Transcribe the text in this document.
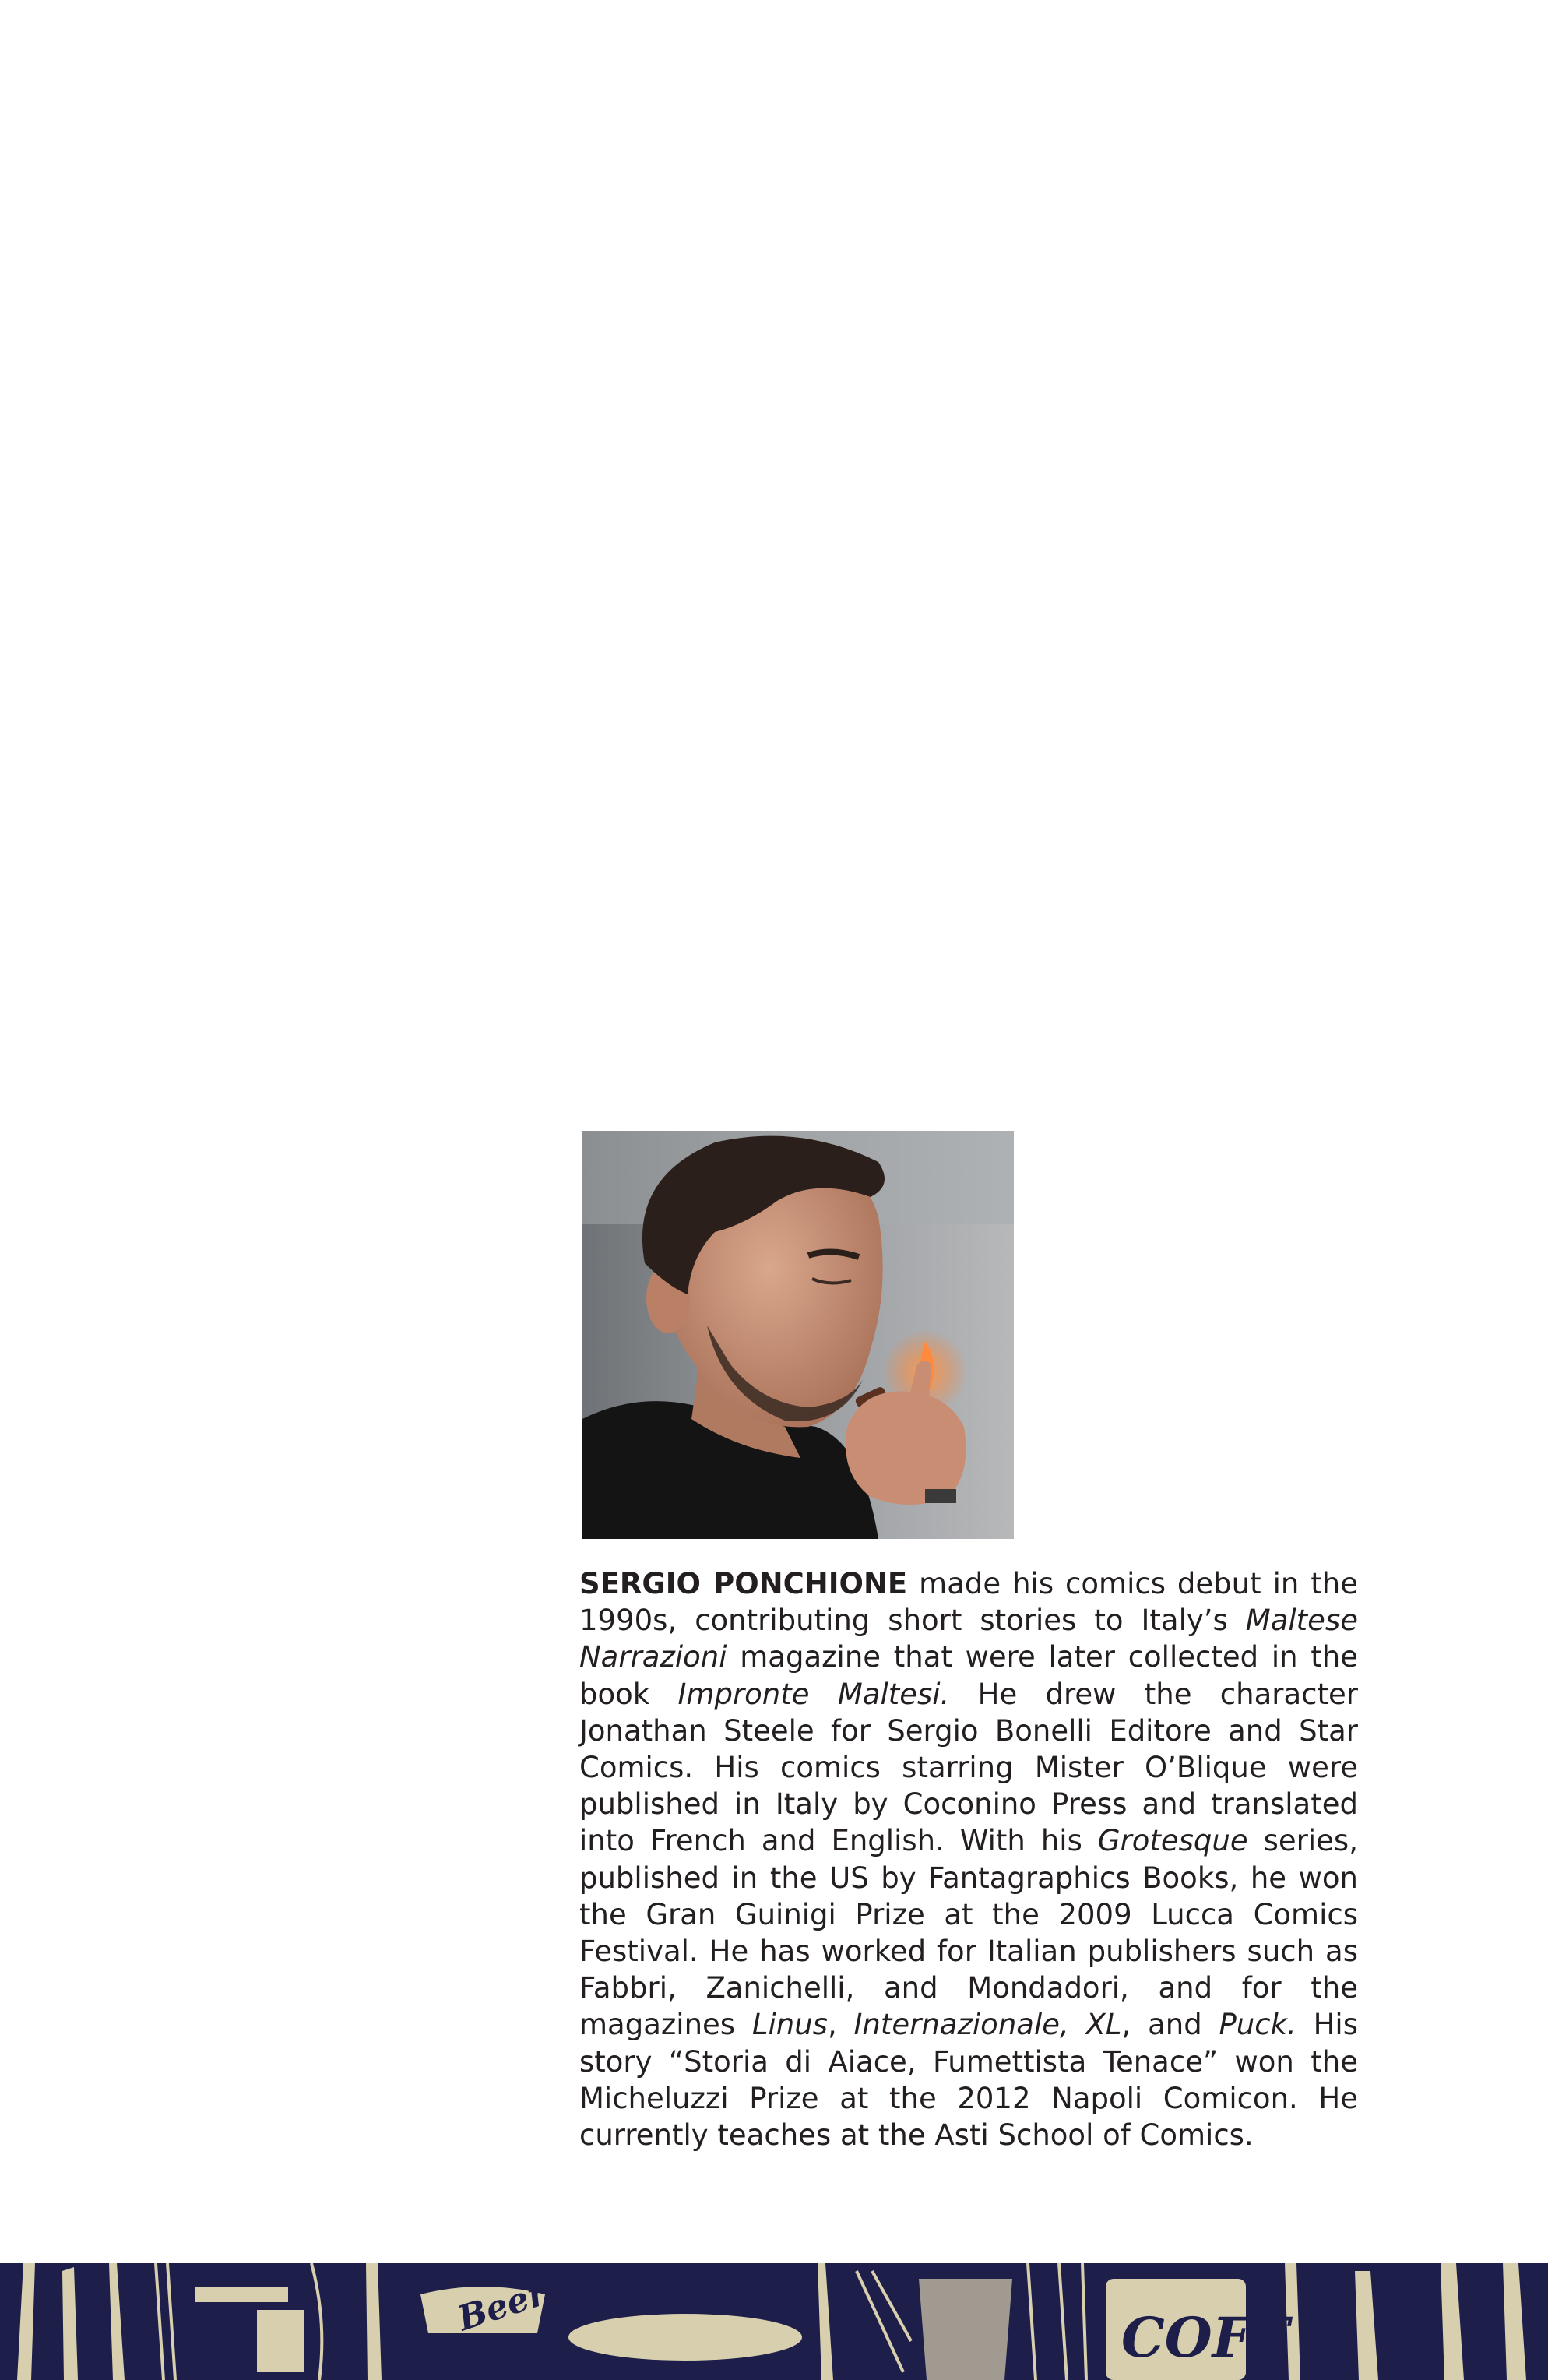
SERGIO PONCHIONE made his comics debut in the 1990s, contributing short stories to Italy’s Maltese Narrazioni magazine that were later collected in the book Impronte Maltesi. He drew the character Jonathan Steele for Sergio Bonelli Editore and Star Comics. His comics starring Mister O’Blique were published in Italy by Coconino Press and translated into French and English. With his Grotesque series, published in the US by Fantagraphics Books, he won the Gran Guinigi Prize at the 2009 Lucca Comics Festival. He has worked for Italian publishers such as Fabbri, Zanichelli, and Mondadori, and for the magazines Linus, Internazionale, XL, and Puck. His story “Storia di Aiace, Fumettista Tenace” won the Micheluzzi Prize at the 2012 Napoli Comicon. He currently teaches at the Asti School of Comics.

Beer	COFF
